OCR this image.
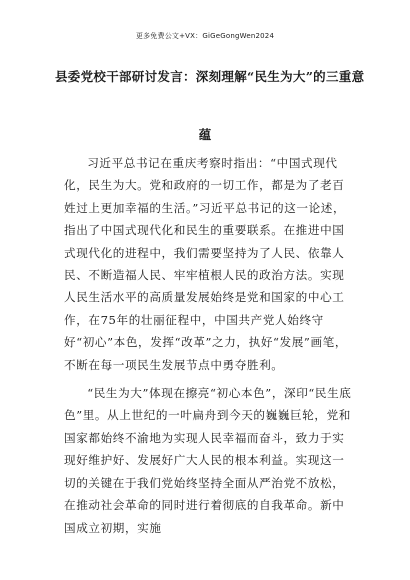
更多免费公文+VX：GiGeGongWen2024
县委党校干部研讨发言：深刻理解“民生为大”的三重意
蕴

习近平总书记在重庆考察时指出：“中国式现代化，民生为大。党和政府的一切工作，都是为了老百姓过上更加幸福的生活。”习近平总书记的这一论述，指出了中国式现代化和民生的重要联系。在推进中国式现代化的进程中，我们需要坚持为了人民、依靠人民、不断造福人民、牢牢植根人民的政治方法。实现人民生活水平的高质量发展始终是党和国家的中心工作，在75年的壮丽征程中，中国共产党人始终守好“初心”本色，发挥“改革”之力，执好“发展”画笔，不断在每一项民生发展节点中勇夺胜利。

“民生为大”体现在擦亮“初心本色”，深印“民生底色”里。从上世纪的一叶扁舟到今天的巍巍巨轮，党和国家都始终不渝地为实现人民幸福而奋斗，致力于实现好维护好、发展好广大人民的根本利益。实现这一切的关键在于我们党始终坚持全面从严治党不放松，在推动社会革命的同时进行着彻底的自我革命。新中国成立初期，实施
